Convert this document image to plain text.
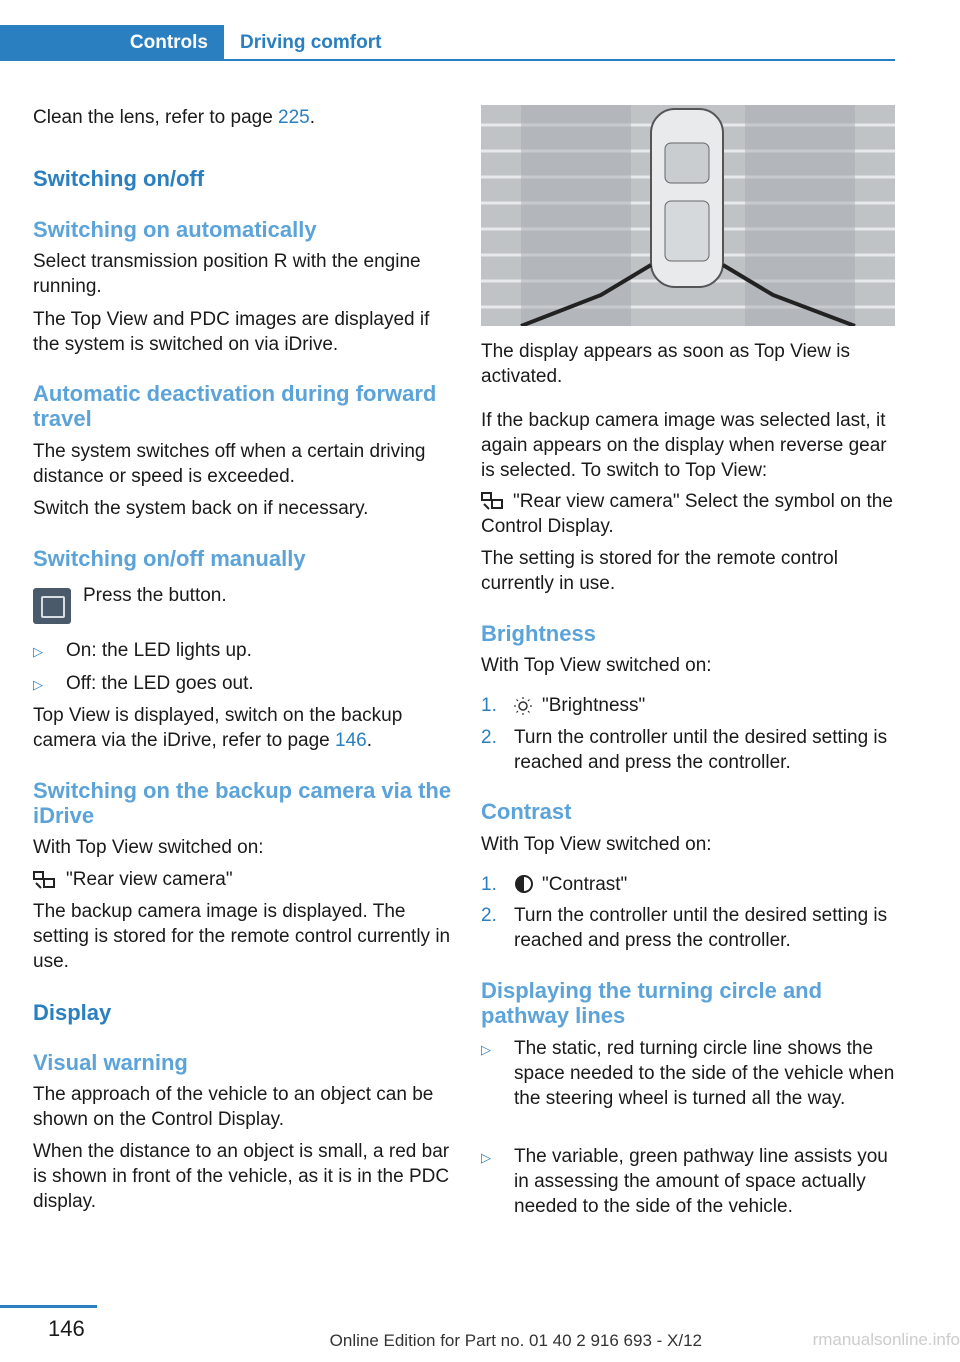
Controls	Driving comfort

Clean the lens, refer to page 225.

Switching on/off
Switching on automatically

Select transmission position R with the engine running.

The Top View and PDC images are displayed if the system is switched on via iDrive.

Automatic deactivation during forward travel

The system switches off when a certain driving distance or speed is exceeded.

Switch the system back on if necessary.

Switching on/off manually

Press the button.

▷ On: the LED lights up.

▷ Off: the LED goes out.

Top View is displayed, switch on the backup camera via the iDrive, refer to page 146.

Switching on the backup camera via the iDrive

With Top View switched on:

"Rear view camera"

The backup camera image is displayed. The setting is stored for the remote control currently in use.

Display
Visual warning

The approach of the vehicle to an object can be shown on the Control Display.

When the distance to an object is small, a red bar is shown in front of the vehicle, as it is in the PDC display.

The display appears as soon as Top View is activated.

If the backup camera image was selected last, it again appears on the display when reverse gear is selected. To switch to Top View:

"Rear view camera" Select the symbol on the Control Display.

The setting is stored for the remote control currently in use.

Brightness

With Top View switched on:

1. "Brightness"

2. Turn the controller until the desired setting is reached and press the controller.

Contrast

With Top View switched on:

1. "Contrast"

2. Turn the controller until the desired setting is reached and press the controller.

Displaying the turning circle and pathway lines
▷ The static, red turning circle line shows the space needed to the side of the vehicle when the steering wheel is turned all the way.

▷ The variable, green pathway line assists you in assessing the amount of space actually needed to the side of the vehicle.

146	Online Edition for Part no. 01 40 2 916 693 - X/12	rmanualsonline.info
